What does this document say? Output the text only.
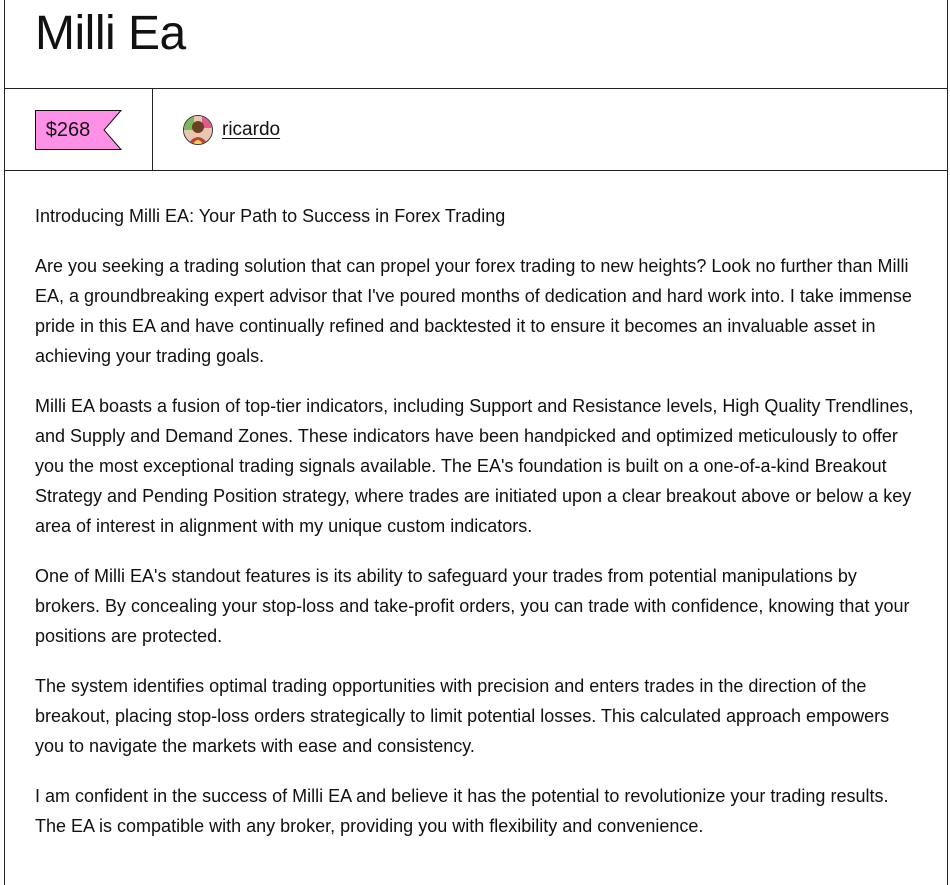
Milli Ea
$268	ricardo

Introducing Milli EA: Your Path to Success in Forex Trading

Are you seeking a trading solution that can propel your forex trading to new heights? Look no further than Milli EA, a groundbreaking expert advisor that I've poured months of dedication and hard work into. I take immense pride in this EA and have continually refined and backtested it to ensure it becomes an invaluable asset in achieving your trading goals.

Milli EA boasts a fusion of top-tier indicators, including Support and Resistance levels, High Quality Trendlines, and Supply and Demand Zones. These indicators have been handpicked and optimized meticulously to offer you the most exceptional trading signals available. The EA's foundation is built on a one-of-a-kind Breakout Strategy and Pending Position strategy, where trades are initiated upon a clear breakout above or below a key area of interest in alignment with my unique custom indicators.

One of Milli EA's standout features is its ability to safeguard your trades from potential manipulations by brokers. By concealing your stop-loss and take-profit orders, you can trade with confidence, knowing that your positions are protected.

The system identifies optimal trading opportunities with precision and enters trades in the direction of the breakout, placing stop-loss orders strategically to limit potential losses. This calculated approach empowers you to navigate the markets with ease and consistency.

I am confident in the success of Milli EA and believe it has the potential to revolutionize your trading results. The EA is compatible with any broker, providing you with flexibility and convenience.
